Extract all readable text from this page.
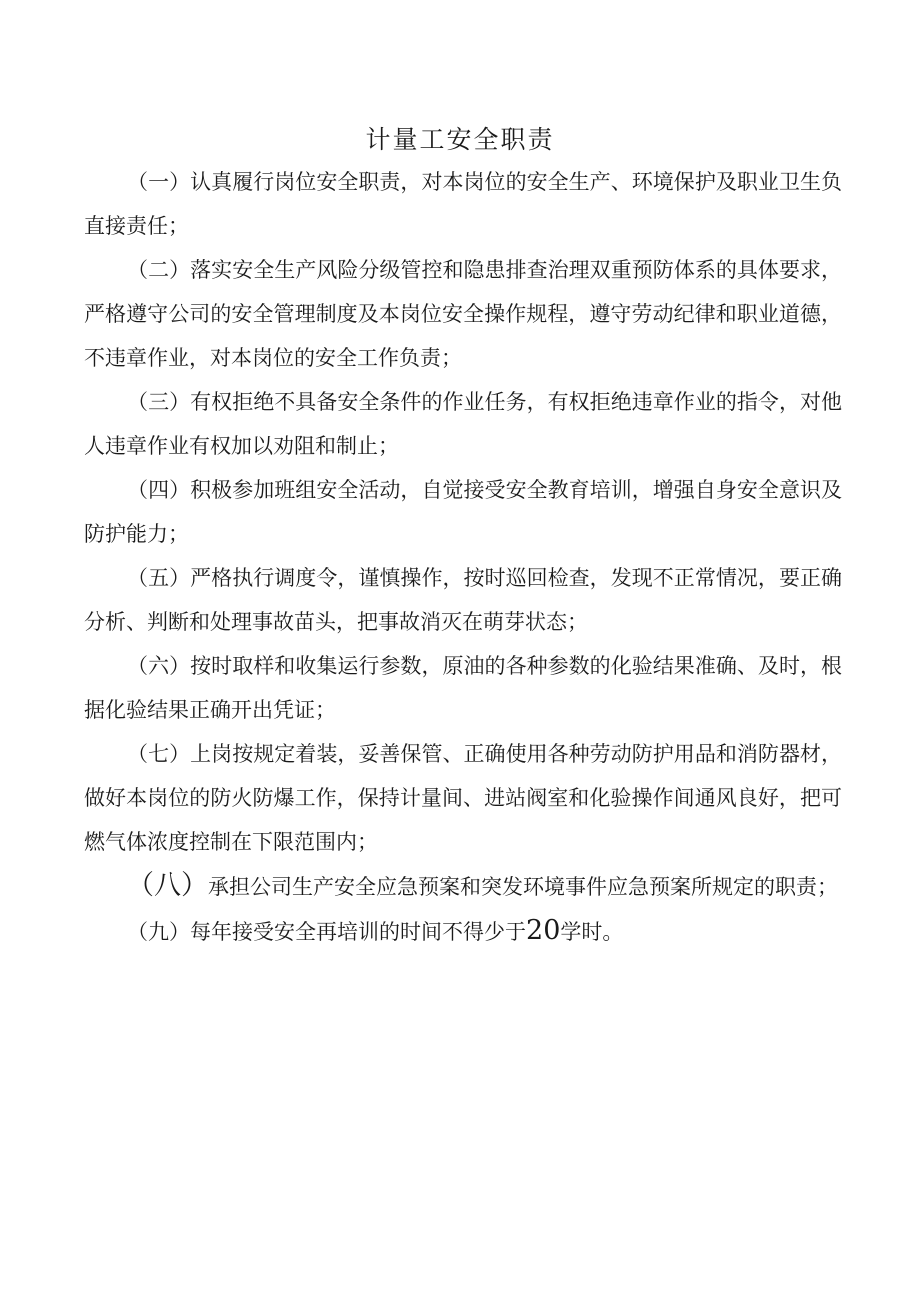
计量工安全职责

（一）认真履行岗位安全职责，对本岗位的安全生产、环境保护及职业卫生负直接责任；

（二）落实安全生产风险分级管控和隐患排查治理双重预防体系的具体要求，严格遵守公司的安全管理制度及本岗位安全操作规程，遵守劳动纪律和职业道德，不违章作业，对本岗位的安全工作负责；

（三）有权拒绝不具备安全条件的作业任务，有权拒绝违章作业的指令，对他人违章作业有权加以劝阻和制止；

（四）积极参加班组安全活动，自觉接受安全教育培训，增强自身安全意识及防护能力；

（五）严格执行调度令，谨慎操作，按时巡回检查，发现不正常情况，要正确分析、判断和处理事故苗头，把事故消灭在萌芽状态；

（六）按时取样和收集运行参数，原油的各种参数的化验结果准确、及时，根据化验结果正确开出凭证；

（七）上岗按规定着装，妥善保管、正确使用各种劳动防护用品和消防器材，做好本岗位的防火防爆工作，保持计量间、进站阀室和化验操作间通风良好，把可燃气体浓度控制在下限范围内；

（八）承担公司生产安全应急预案和突发环境事件应急预案所规定的职责；

（九）每年接受安全再培训的时间不得少于20学时。
